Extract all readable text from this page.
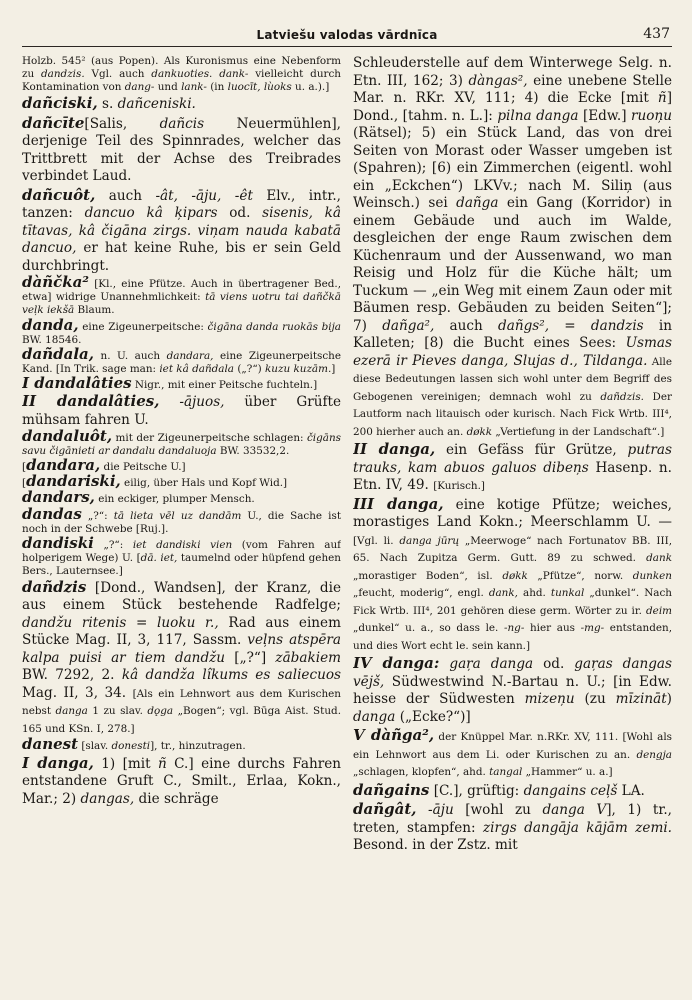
Latviešu valodas vārdnīca	437

Holzb. 545² (aus Popen). Als Kuronismus eine Nebenform zu dandzis. Vgl. auch dankuoties. dank- vielleicht durch Kontamination von dang- und lank- (in luocīt, lùoks u. a.).]

dañciski, s. dañceniski.

dañcīte[Salis, dañcis Neuermühlen], derjenige Teil des Spinnrades, welcher das Trittbrett mit der Achse des Treibrades verbindet Laud.

dañcuôt, auch -ât, -āju, -êt Elv., intr., tanzen: dancuo kâ ķipars od. sisenis, kâ tītavas, kâ čigāna zirgs. viņam nauda kabatā dancuo, er hat keine Ruhe, bis er sein Geld durchbringt.

dàñčka² [Kl., eine Pfütze. Auch in übertragener Bed., etwa] widrige Unannehmlichkeit: tā viens uotru tai dañčkā veļk iekšā Blaum.

danda, eine Zigeunerpeitsche: čigāna danda ruokās bija BW. 18546.

dañdala, n. U. auch dandara, eine Zigeunerpeitsche Kand. [In Trik. sage man: iet kâ dañdala („?“) kuzu kuzām.]

I dandalâties Nigr., mit einer Peitsche fuchteln.]

II dandalâties, -ājuos, über Grüfte mühsam fahren U.

dandaluôt, mit der Zigeunerpeitsche schlagen: čigāns savu čigānieti ar dandalu dandaluoja BW. 33532,2.

[dandara, die Peitsche U.]

[dandariski, eilig, über Hals und Kopf Wid.]

dandars, ein eckiger, plumper Mensch.

dandas „?“: tā lieta vēl uz dandām U., die Sache ist noch in der Schwebe [Ruj.].

dandiski „?“: iet dandiski vien (vom Fahren auf holperigem Wege) U. [dā. iet, taumelnd oder hüpfend gehen Bers., Lauternsee.]

dañdzis [Dond., Wandsen], der Kranz, die aus einem Stück bestehende Radfelge; dandžu ritenis = luoku r., Rad aus einem Stücke Mag. II, 3, 117, Sassm. veļns atspēra kalpa puisi ar tiem dandžu [„?“] zābakiem BW. 7292, 2. kâ dandža lîkums es saliecuos Mag. II, 3, 34. [Als ein Lehnwort aus dem Kurischen nebst danga 1 zu slav. dǫga „Bogen“; vgl. Būga Aist. Stud. 165 und KSn. I, 278.]

danest [slav. donesti], tr., hinzutragen.

I danga, 1) [mit ñ C.] eine durchs Fahren entstandene Gruft C., Smilt., Erlaa, Kokn., Mar.; 2) dangas, die schräge

Schleuderstelle auf dem Winterwege Selg. n. Etn. III, 162; 3) dàngas², eine unebene Stelle Mar. n. RKr. XV, 111; 4) die Ecke [mit ñ] Dond., [tahm. n. L.]: pilna danga [Edw.] ruoņu (Rätsel); 5) ein Stück Land, das von drei Seiten von Morast oder Wasser umgeben ist (Spahren); [6) ein Zimmerchen (eigentl. wohl ein „Eckchen“) LKVv.; nach M. Siliņ (aus Weinsch.) sei dañga ein Gang (Korridor) in einem Gebäude und auch im Walde, desgleichen der enge Raum zwischen dem Küchenraum und der Aussenwand, wo man Reisig und Holz für die Küche hält; um Tuckum — „ein Weg mit einem Zaun oder mit Bäumen resp. Gebäuden zu beiden Seiten“]; 7) dañga², auch dañgs², = dandzis in Kalleten; [8) die Bucht eines Sees: Usmas ezerā ir Pieves danga, Slujas d., Tildanga. Alle diese Bedeutungen lassen sich wohl unter dem Begriff des Gebogenen vereinigen; demnach wohl zu dañdzis. Der Lautform nach litauisch oder kurisch. Nach Fick Wrtb. III⁴, 200 hierher auch an. døkk „Vertiefung in der Landschaft“.]

II danga, ein Gefäss für Grütze, putras trauks, kam abuos galuos dibeņs Hasenp. n. Etn. IV, 49. [Kurisch.]

III danga, eine kotige Pfütze; weiches, morastiges Land Kokn.; Meerschlamm U. — [Vgl. li. danga jūrų „Meerwoge“ nach Fortunatov BB. III, 65. Nach Zupitza Germ. Gutt. 89 zu schwed. dank „morastiger Boden“, isl. døkk „Pfütze“, norw. dunken „feucht, moderig“, engl. dank, ahd. tunkal „dunkel“. Nach Fick Wrtb. III⁴, 201 gehören diese germ. Wörter zu ir. deim „dunkel“ u. a., so dass le. -ng- hier aus -mg- entstanden, und dies Wort echt le. sein kann.]

IV danga: gaŗa danga od. gaŗas dangas vējš, Südwestwind N.-Bartau n. U.; [in Edw. heisse der Südwesten mizeņu (zu mīzināt) danga („Ecke?“)]

V dàñga², der Knüppel Mar. n.RKr. XV, 111. [Wohl als ein Lehnwort aus dem Li. oder Kurischen zu an. dengja „schlagen, klopfen“, ahd. tangal „Hammer“ u. a.]

dañgains [C.], grüftig: dangains ceļš LA.

dañgât, -āju [wohl zu danga V], 1) tr., treten, stampfen: zirgs dangāja kājām zemi. Besond. in der Zstz. mit
